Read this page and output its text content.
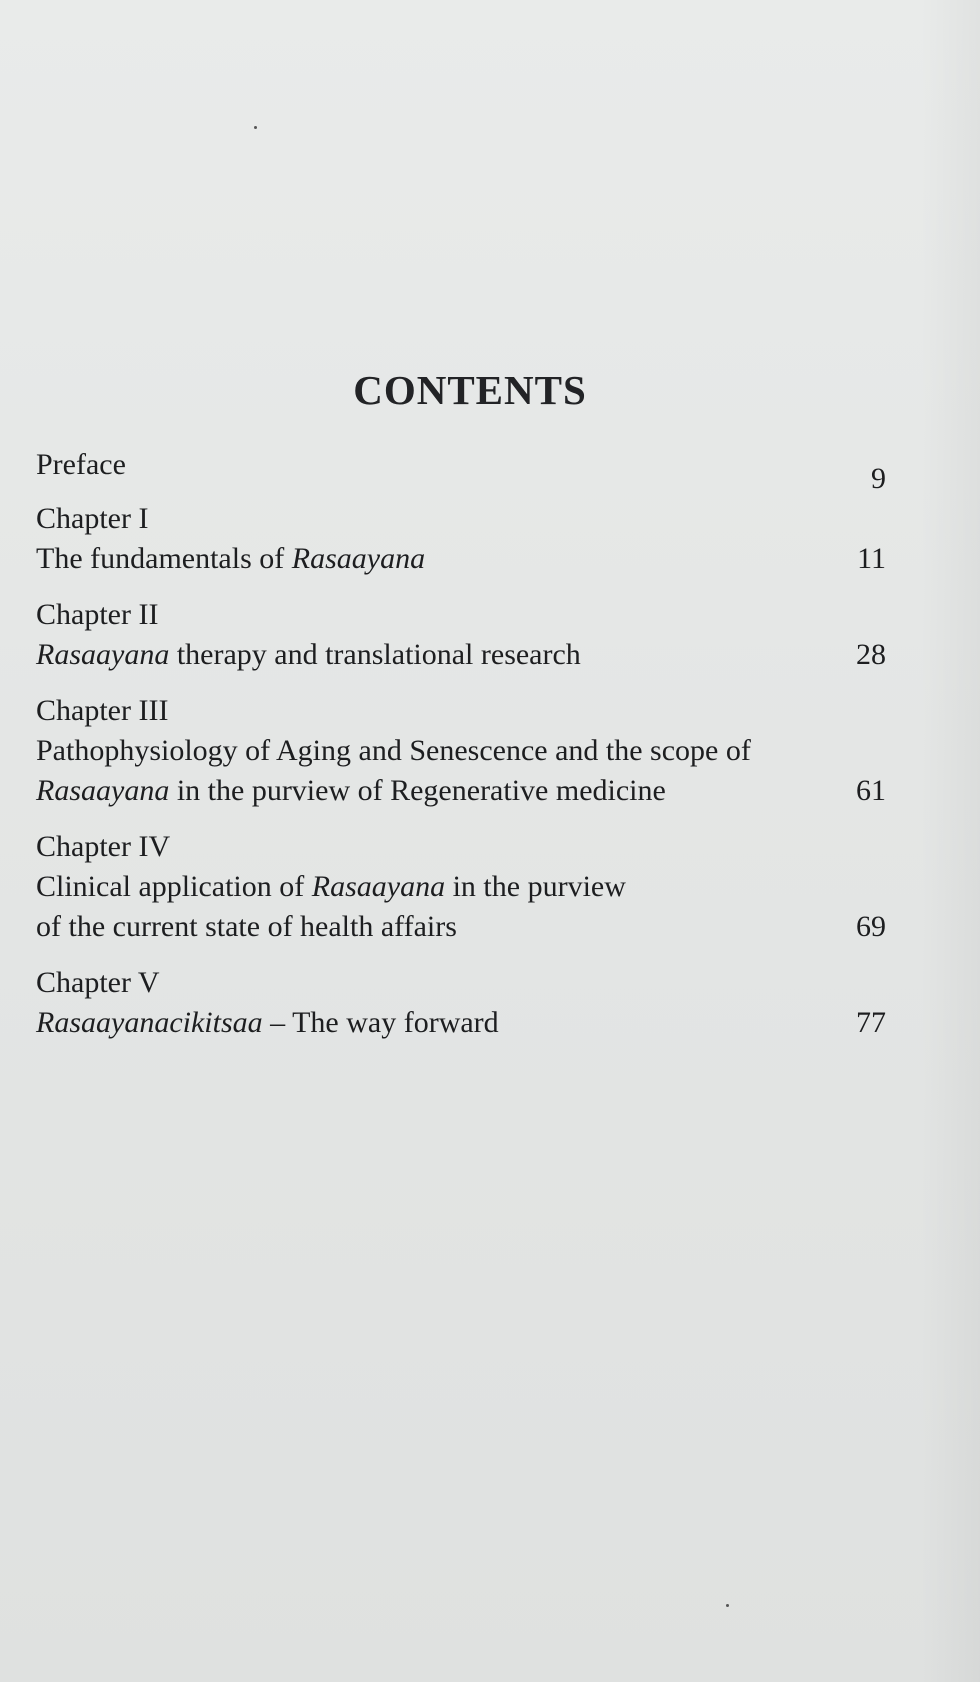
CONTENTS
Preface	9
Chapter I
The fundamentals of Rasaayana	11
Chapter II
Rasaayana therapy and translational research	28
Chapter III
Pathophysiology of Aging and Senescence and the scope of
Rasaayana in the purview of Regenerative medicine	61
Chapter IV
Clinical application of Rasaayana in the purview
of the current state of health affairs	69
Chapter V
Rasaayanacikitsaa – The way forward	77
